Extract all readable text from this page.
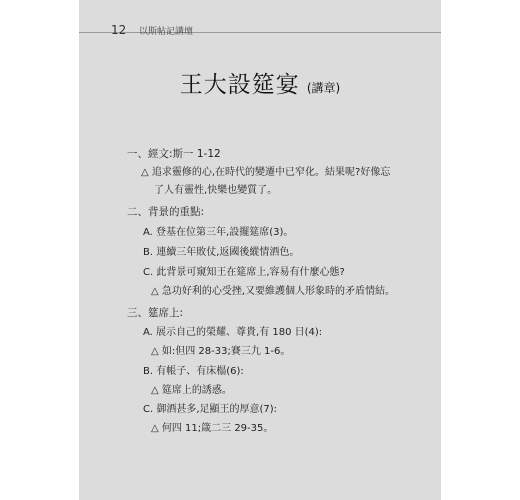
12 以斯帖記講壇
王大設筵宴 (講章)
一、經文:斯一 1-12
△ 追求靈修的心,在時代的變遷中已窄化。結果呢?好像忘
了人有靈性,快樂也變質了。
二、背景的重點:
A. 登基在位第三年,設擺筵席(3)。
B. 連續三年敗仗,返國後縱情酒色。
C. 此背景可窺知王在筵席上,容易有什麼心態?
△ 急功好利的心受挫,又要維護個人形象時的矛盾情結。
三、筵席上:
A. 展示自己的榮耀、尊貴,有 180 日(4):
△ 如:但四 28-33;賽三九 1-6。
B. 有帳子、有床榻(6):
△ 筵席上的誘惑。
C. 御酒甚多,足顯王的厚意(7):
△ 何四 11;箴二三 29-35。
